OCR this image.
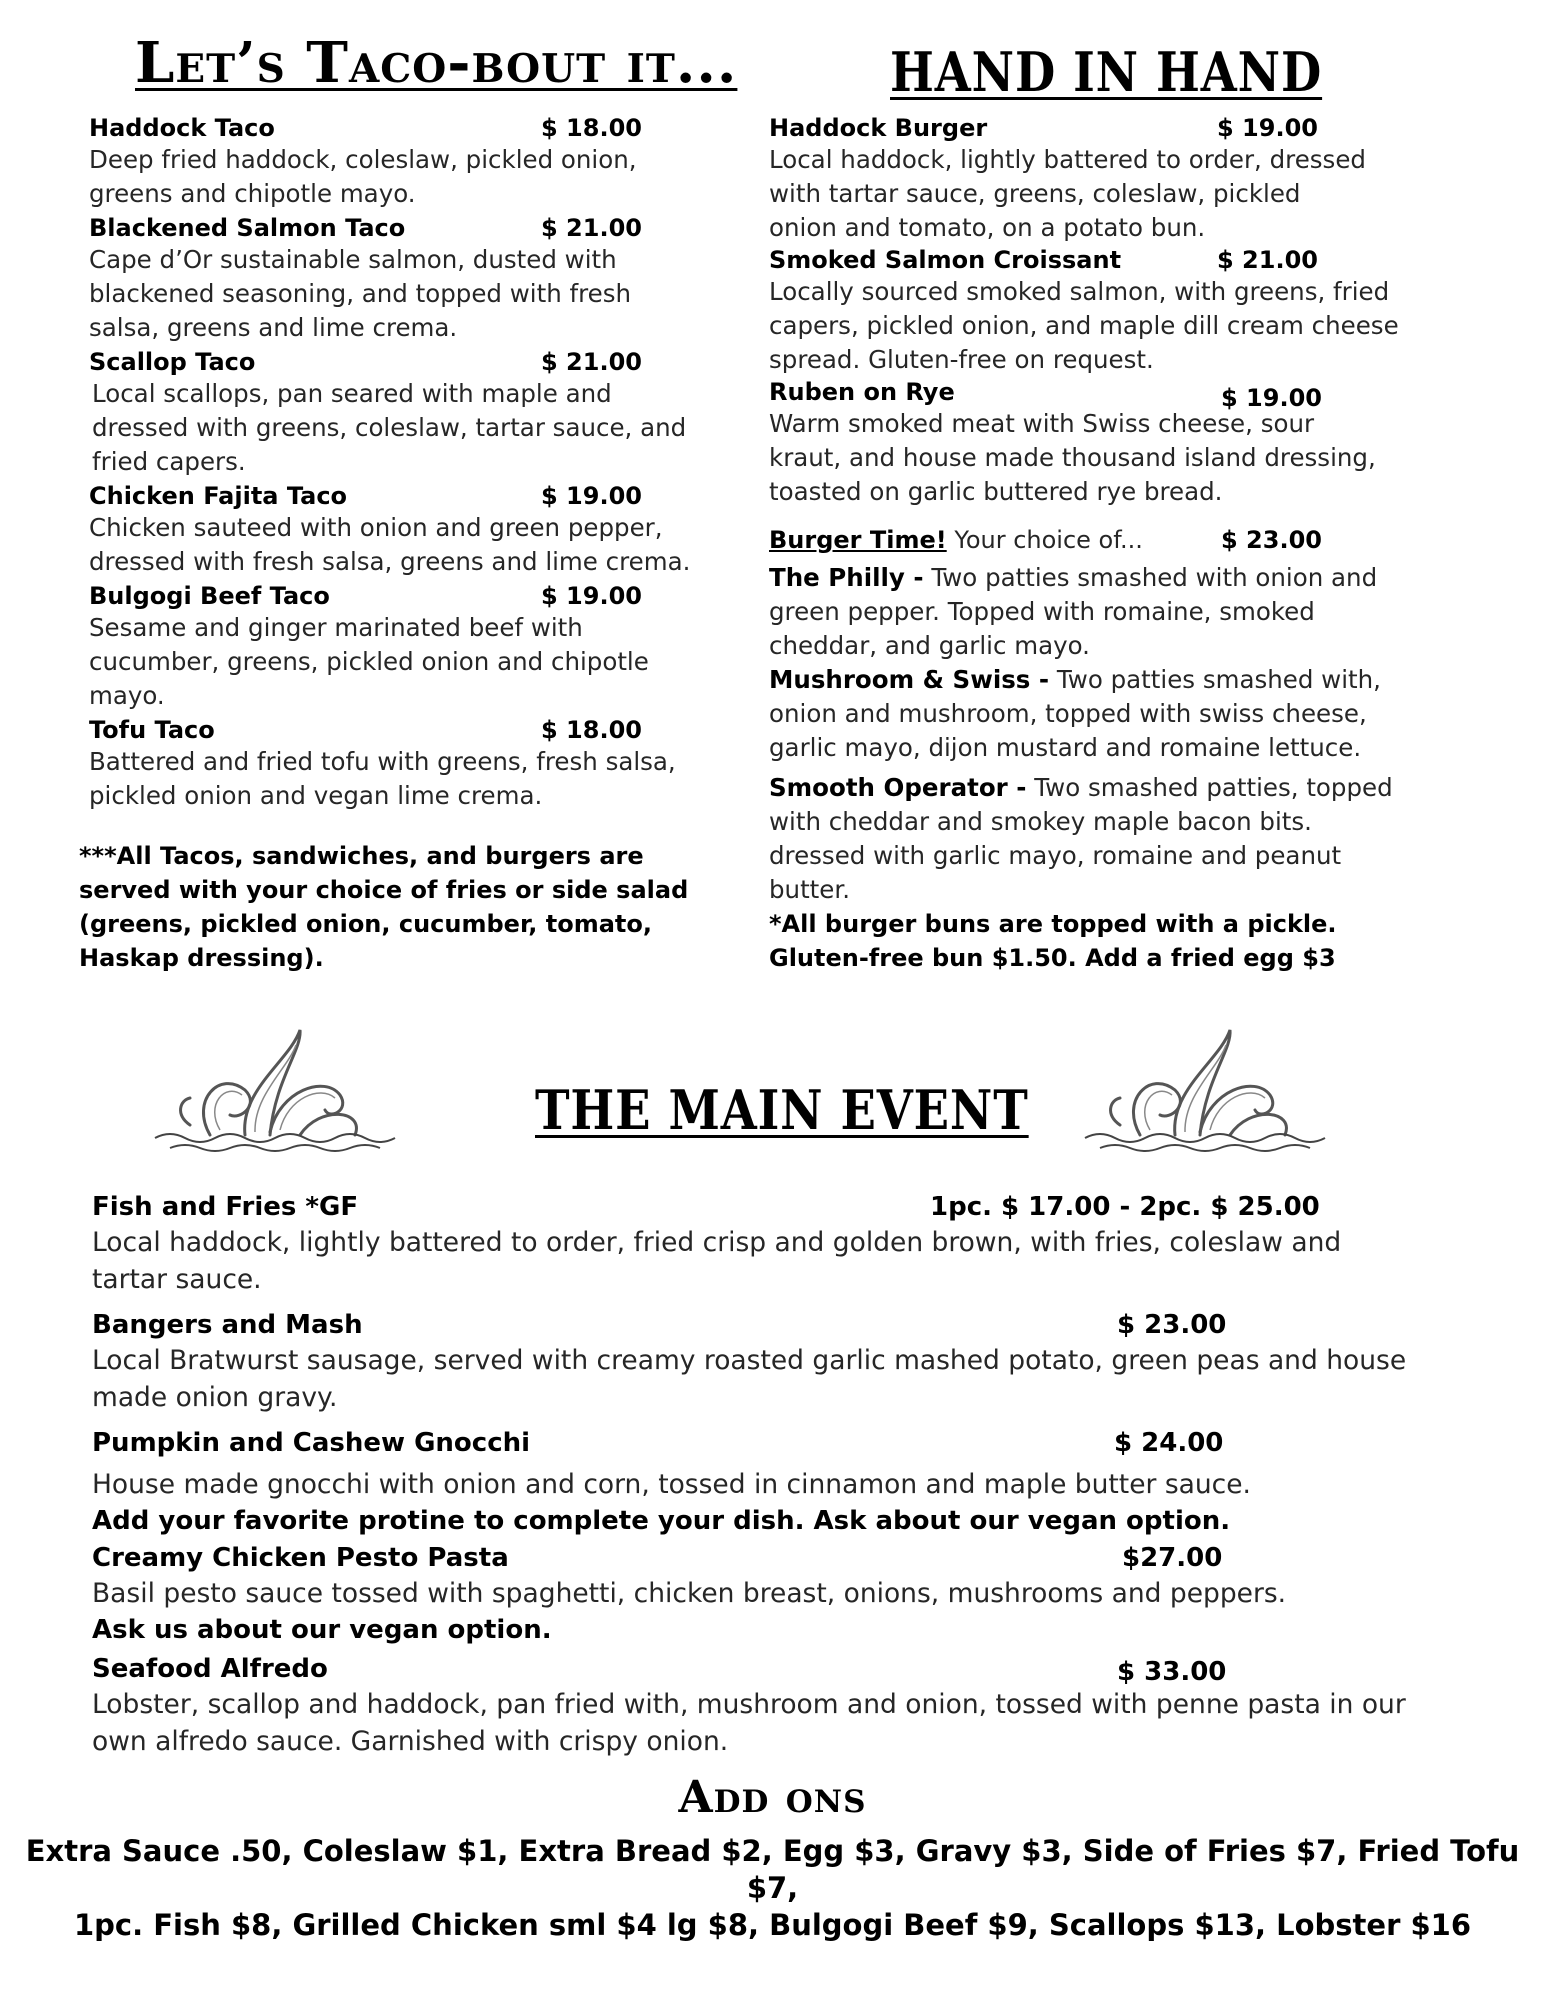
Let’s Taco-bout it...	HAND IN HAND
Haddock Taco	$ 18.00
Deep fried haddock, coleslaw, pickled onion, greens and chipotle mayo.
Blackened Salmon Taco	$ 21.00
Cape d’Or sustainable salmon, dusted with blackened seasoning, and topped with fresh salsa, greens and lime crema.
Scallop Taco	$ 21.00
Local scallops, pan seared with maple and dressed with greens, coleslaw, tartar sauce, and fried capers.
Chicken Fajita Taco	$ 19.00
Chicken sauteed with onion and green pepper, dressed with fresh salsa, greens and lime crema.
Bulgogi Beef Taco	$ 19.00
Sesame and ginger marinated beef with cucumber, greens, pickled onion and chipotle mayo.
Tofu Taco	$ 18.00
Battered and fried tofu with greens, fresh salsa, pickled onion and vegan lime crema.
***All Tacos, sandwiches, and burgers are served with your choice of fries or side salad (greens, pickled onion, cucumber, tomato, Haskap dressing).
Haddock Burger	$ 19.00
Local haddock, lightly battered to order, dressed with tartar sauce, greens, coleslaw, pickled onion and tomato, on a potato bun.
Smoked Salmon Croissant	$ 21.00
Locally sourced smoked salmon, with greens, fried capers, pickled onion, and maple dill cream cheese spread. Gluten-free on request.
Ruben on Rye	$ 19.00
Warm smoked meat with Swiss cheese, sour kraut, and house made thousand island dressing, toasted on garlic buttered rye bread.
Burger Time! Your choice of...	$ 23.00
The Philly - Two patties smashed with onion and green pepper. Topped with romaine, smoked cheddar, and garlic mayo.
Mushroom & Swiss - Two patties smashed with, onion and mushroom, topped with swiss cheese, garlic mayo, dijon mustard and romaine lettuce.
Smooth Operator - Two smashed patties, topped with cheddar and smokey maple bacon bits. dressed with garlic mayo, romaine and peanut butter.
*All burger buns are topped with a pickle. Gluten-free bun $1.50. Add a fried egg $3
THE MAIN EVENT
Fish and Fries *GF	1pc. $ 17.00 - 2pc. $ 25.00
Local haddock, lightly battered to order, fried crisp and golden brown, with fries, coleslaw and tartar sauce.
Bangers and Mash	$ 23.00
Local Bratwurst sausage, served with creamy roasted garlic mashed potato, green peas and house made onion gravy.
Pumpkin and Cashew Gnocchi	$ 24.00
House made gnocchi with onion and corn, tossed in cinnamon and maple butter sauce.
Add your favorite protine to complete your dish. Ask about our vegan option.
Creamy Chicken Pesto Pasta	$27.00
Basil pesto sauce tossed with spaghetti, chicken breast, onions, mushrooms and peppers.
Ask us about our vegan option.
Seafood Alfredo	$ 33.00
Lobster, scallop and haddock, pan fried with, mushroom and onion, tossed with penne pasta in our own alfredo sauce. Garnished with crispy onion.
Add ons
Extra Sauce .50, Coleslaw $1, Extra Bread $2, Egg $3, Gravy $3, Side of Fries $7, Fried Tofu $7,
1pc. Fish $8, Grilled Chicken sml $4 lg $8, Bulgogi Beef $9, Scallops $13, Lobster $16
